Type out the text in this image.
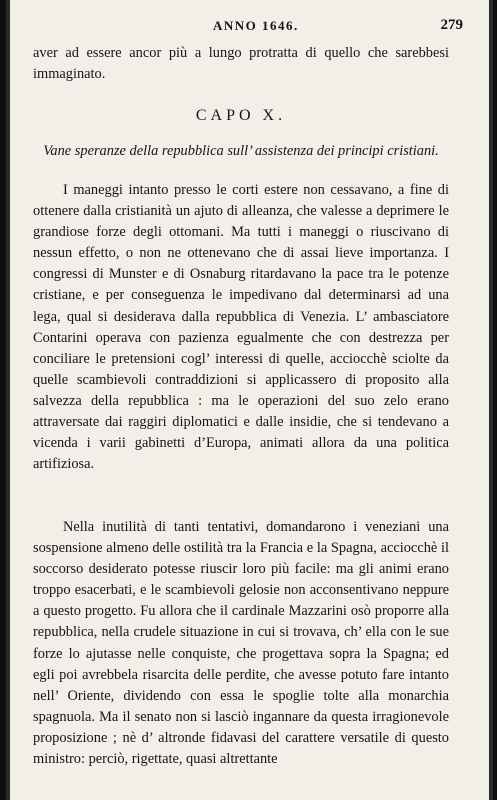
ANNO 1646.	279

aver ad essere ancor più a lungo protratta di quello che sarebbesi immaginato.

CAPO X.
Vane speranze della repubblica sull’ assistenza dei principi cristiani.

I maneggi intanto presso le corti estere non cessavano, a fine di ottenere dalla cristianità un ajuto di alleanza, che valesse a deprimere le grandiose forze degli ottomani. Ma tutti i maneggi o riuscivano di nessun effetto, o non ne ottenevano che di assai lieve importanza. I congressi di Munster e di Osnaburg ritardavano la pace tra le potenze cristiane, e per conseguenza le impedivano dal determinarsi ad una lega, qual si desiderava dalla repubblica di Venezia. L’ ambasciatore Contarini operava con pazienza egualmente che con destrezza per conciliare le pretensioni cogl’ interessi di quelle, acciocchè sciolte da quelle scambievoli contraddizioni si applicassero di proposito alla salvezza della repubblica : ma le operazioni del suo zelo erano attraversate dai raggiri diplomatici e dalle insidie, che si tendevano a vicenda i varii gabinetti d’Europa, animati allora da una politica artifiziosa.

Nella inutilità di tanti tentativi, domandarono i veneziani una sospensione almeno delle ostilità tra la Francia e la Spagna, acciocchè il soccorso desiderato potesse riuscir loro più facile: ma gli animi erano troppo esacerbati, e le scambievoli gelosie non acconsentivano neppure a questo progetto. Fu allora che il cardinale Mazzarini osò proporre alla repubblica, nella crudele situazione in cui si trovava, ch’ ella con le sue forze lo ajutasse nelle conquiste, che progettava sopra la Spagna; ed egli poi avrebbela risarcita delle perdite, che avesse potuto fare intanto nell’ Oriente, dividendo con essa le spoglie tolte alla monarchia spagnuola. Ma il senato non si lasciò ingannare da questa irragionevole proposizione ; nè d’ altronde fidavasi del carattere versatile di questo ministro: perciò, rigettate, quasi altrettante
